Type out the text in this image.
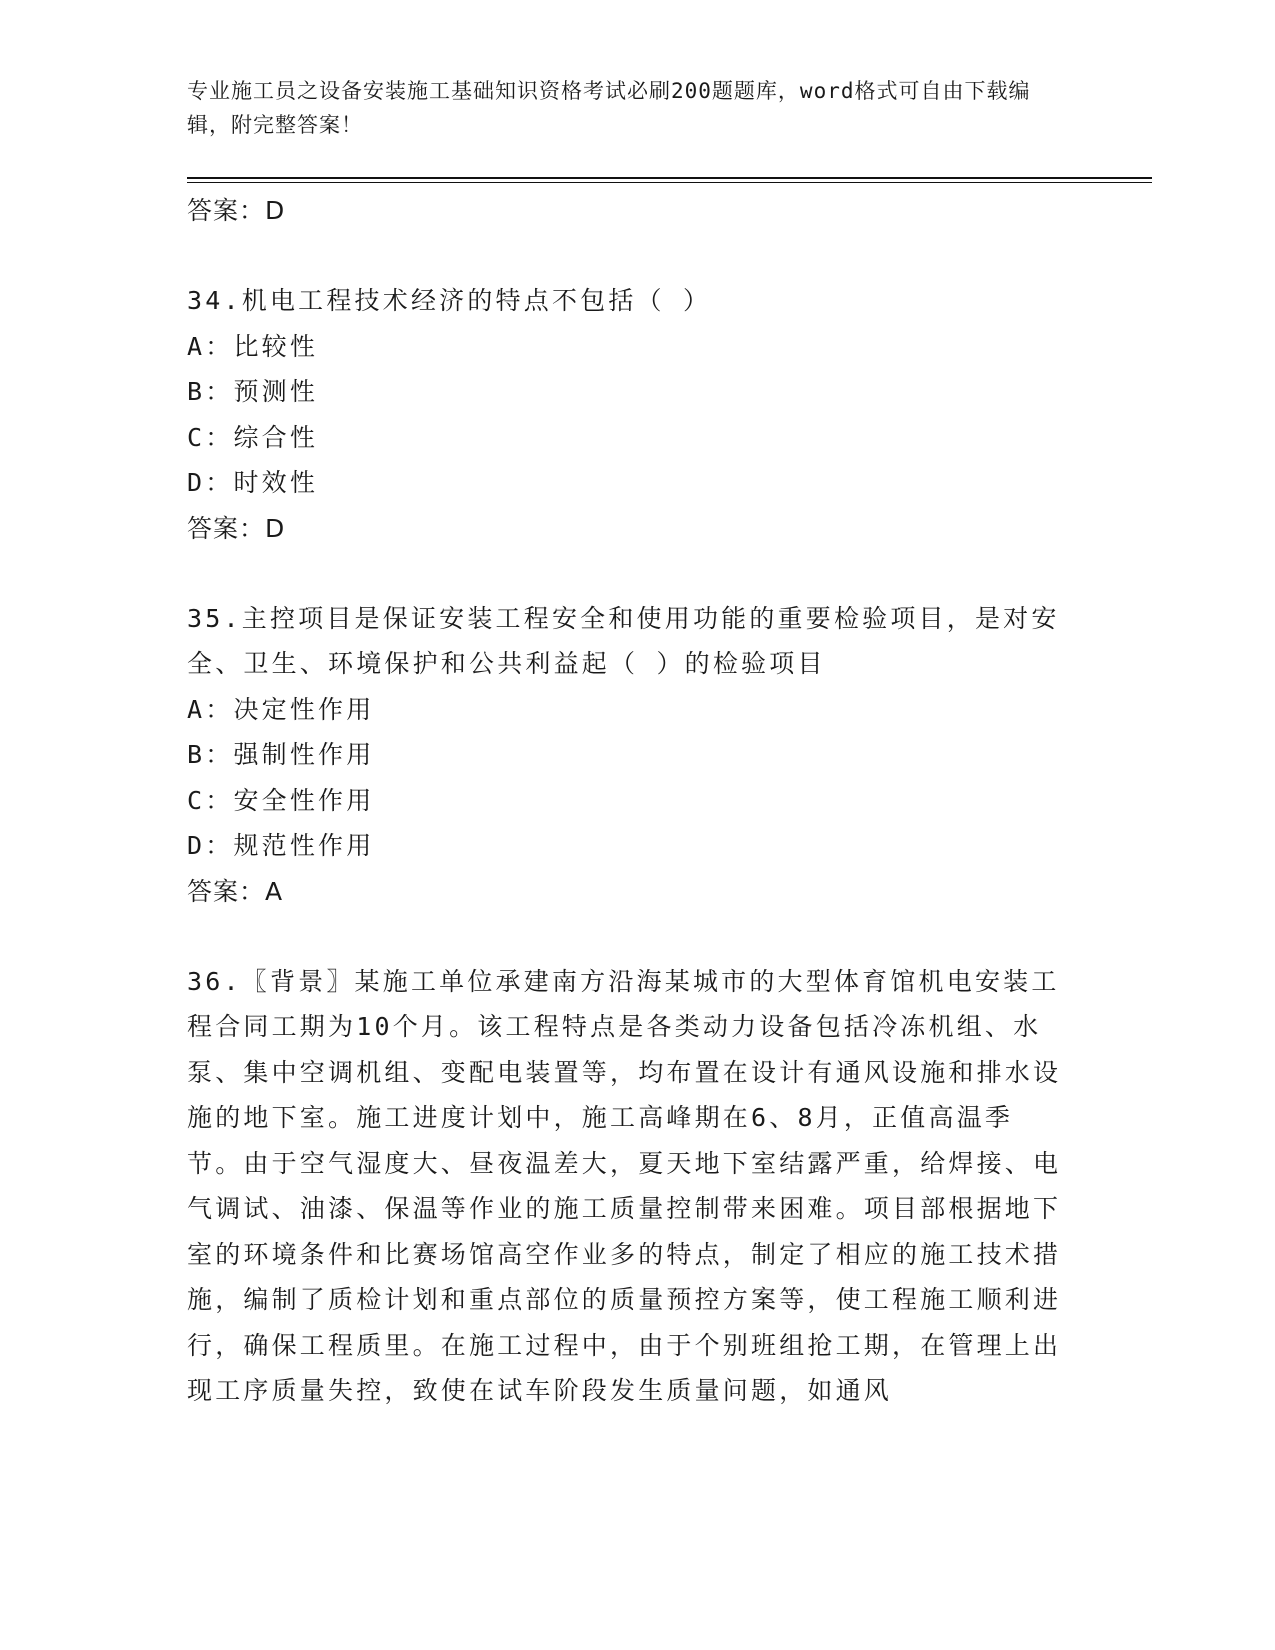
专业施工员之设备安装施工基础知识资格考试必刷200题题库，word格式可自由下载编辑，附完整答案！
答案：D
34.机电工程技术经济的特点不包括（ ）
A：比较性
B：预测性
C：综合性
D：时效性
答案：D
35.主控项目是保证安装工程安全和使用功能的重要检验项目，是对安全、卫生、环境保护和公共利益起（ ）的检验项目
A：决定性作用
B：强制性作用
C：安全性作用
D：规范性作用
答案：A
36.〖背景〗某施工单位承建南方沿海某城市的大型体育馆机电安装工程合同工期为10个月。该工程特点是各类动力设备包括冷冻机组、水泵、集中空调机组、变配电装置等，均布置在设计有通风设施和排水设施的地下室。施工进度计划中，施工高峰期在6、8月，正值高温季节。由于空气湿度大、昼夜温差大，夏天地下室结露严重，给焊接、电气调试、油漆、保温等作业的施工质量控制带来困难。项目部根据地下室的环境条件和比赛场馆高空作业多的特点，制定了相应的施工技术措施，编制了质检计划和重点部位的质量预控方案等，使工程施工顺利进行，确保工程质里。在施工过程中，由于个别班组抢工期，在管理上出现工序质量失控，致使在试车阶段发生质量问题，如通风
